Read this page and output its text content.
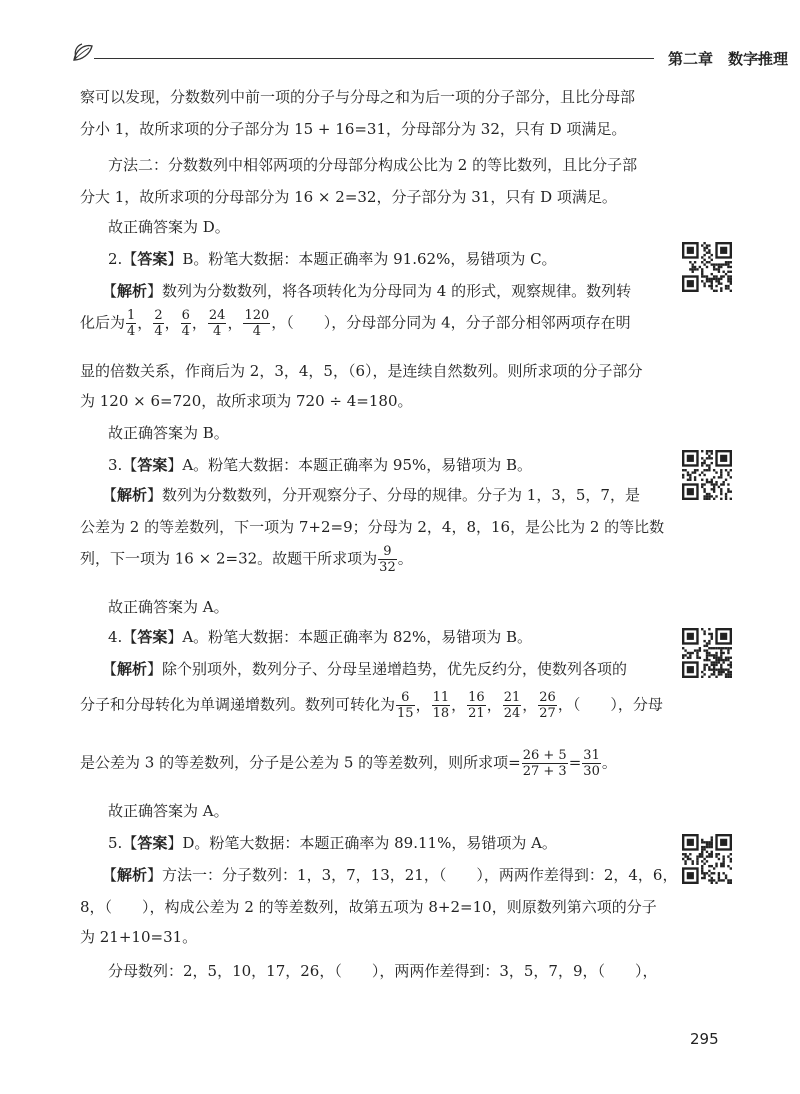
第二章　数字推理
察可以发现，分数数列中前一项的分子与分母之和为后一项的分子部分，且比分母部
分小 1，故所求项的分子部分为 15 + 16=31，分母部分为 32，只有 D 项满足。
方法二：分数数列中相邻两项的分母部分构成公比为 2 的等比数列，且比分子部
分大 1，故所求项的分母部分为 16 × 2=32，分子部分为 31，只有 D 项满足。
故正确答案为 D。
2.【答案】B。粉笔大数据：本题正确率为 91.62%，易错项为 C。
【解析】数列为分数数列，将各项转化为分母同为 4 的形式，观察规律。数列转
化后为 $\frac{1}{4}$ ， $\frac{2}{4}$ ， $\frac{6}{4}$ ， $\frac{24}{4}$ ， $\frac{120}{4}$ ，（　　），分母部分同为 4，分子部分相邻两项存在明
显的倍数关系，作商后为 2，3，4，5，（6），是连续自然数列。则所求项的分子部分
为 120 × 6=720，故所求项为 720 ÷ 4=180。
故正确答案为 B。
3.【答案】A。粉笔大数据：本题正确率为 95%，易错项为 B。
【解析】数列为分数数列，分开观察分子、分母的规律。分子为 1，3，5，7，是
公差为 2 的等差数列，下一项为 7+2=9；分母为 2，4，8，16，是公比为 2 的等比数
列，下一项为 16 × 2=32。故题干所求项为 $\frac{9}{32}$ 。
故正确答案为 A。
4.【答案】A。粉笔大数据：本题正确率为 82%，易错项为 B。
【解析】除个别项外，数列分子、分母呈递增趋势，优先反约分，使数列各项的
分子和分母转化为单调递增数列。数列可转化为 $\frac{6}{15}$ ， $\frac{11}{18}$ ， $\frac{16}{21}$ ， $\frac{21}{24}$ ， $\frac{26}{27}$ ，（　　），分母
是公差为 3 的等差数列，分子是公差为 5 的等差数列，则所求项= $\frac{26 + 5}{27 + 3} = \frac{31}{30}$ 。
故正确答案为 A。
5.【答案】D。粉笔大数据：本题正确率为 89.11%，易错项为 A。
【解析】方法一：分子数列：1，3，7，13，21，（　　），两两作差得到：2，4，6，
8，（　　），构成公差为 2 的等差数列，故第五项为 8+2=10，则原数列第六项的分子
为 21+10=31。
分母数列：2，5，10，17，26，（　　），两两作差得到：3，5，7，9，（　　），
295
